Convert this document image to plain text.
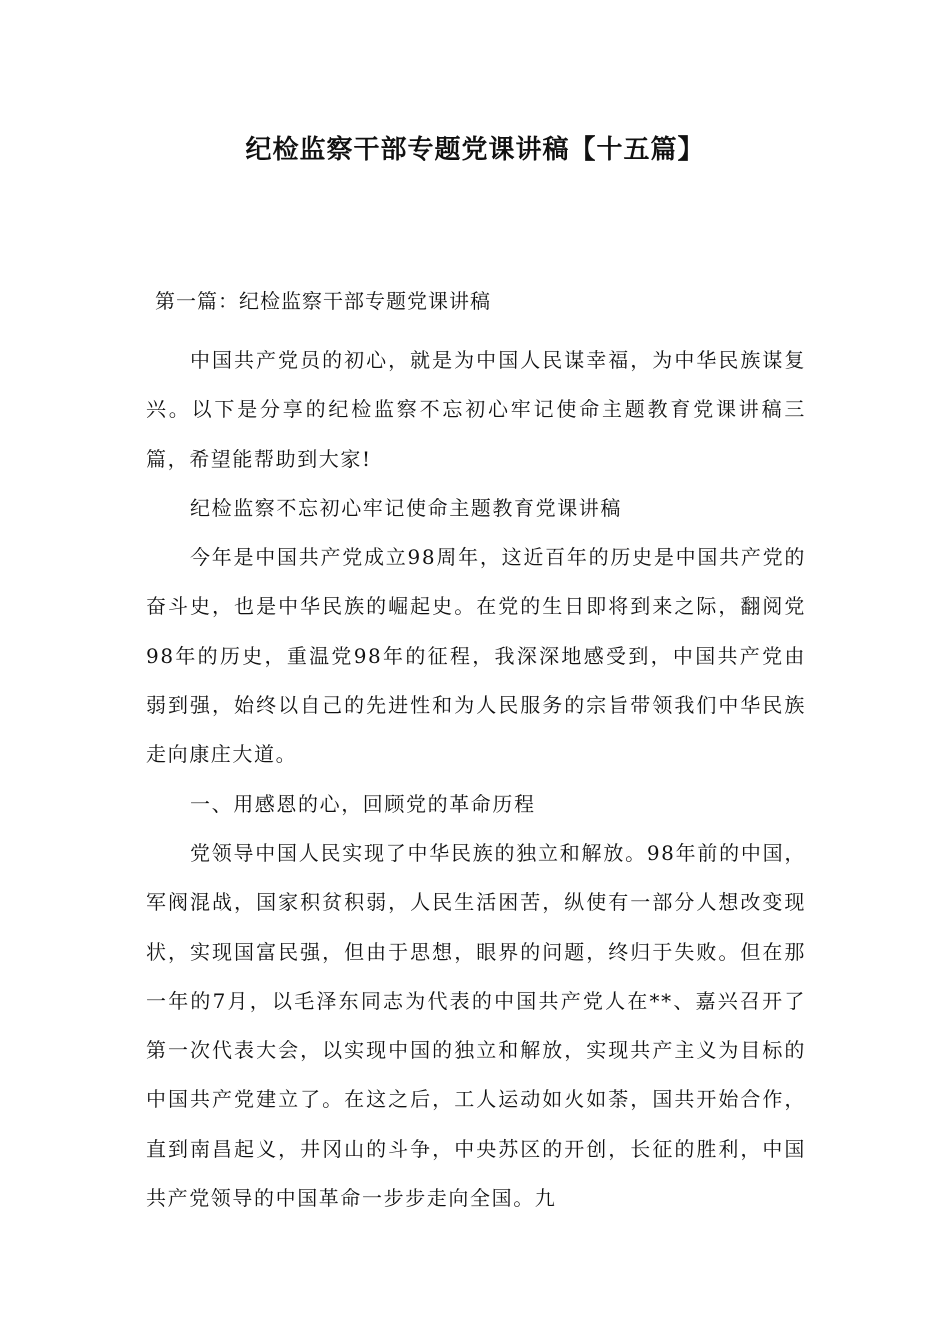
纪检监察干部专题党课讲稿【十五篇】
第一篇：纪检监察干部专题党课讲稿

中国共产党员的初心，就是为中国人民谋幸福，为中华民族谋复兴。以下是分享的纪检监察不忘初心牢记使命主题教育党课讲稿三篇，希望能帮助到大家!

纪检监察不忘初心牢记使命主题教育党课讲稿

今年是中国共产党成立98周年，这近百年的历史是中国共产党的奋斗史，也是中华民族的崛起史。在党的生日即将到来之际，翻阅党98年的历史，重温党98年的征程，我深深地感受到，中国共产党由弱到强，始终以自己的先进性和为人民服务的宗旨带领我们中华民族走向康庄大道。

一、用感恩的心，回顾党的革命历程

党领导中国人民实现了中华民族的独立和解放。98年前的中国，军阀混战，国家积贫积弱，人民生活困苦，纵使有一部分人想改变现状，实现国富民强，但由于思想，眼界的问题，终归于失败。但在那一年的7月，以毛泽东同志为代表的中国共产党人在**、嘉兴召开了第一次代表大会，以实现中国的独立和解放，实现共产主义为目标的中国共产党建立了。在这之后，工人运动如火如荼，国共开始合作，直到南昌起义，井冈山的斗争，中央苏区的开创，长征的胜利，中国共产党领导的中国革命一步步走向全国。九
